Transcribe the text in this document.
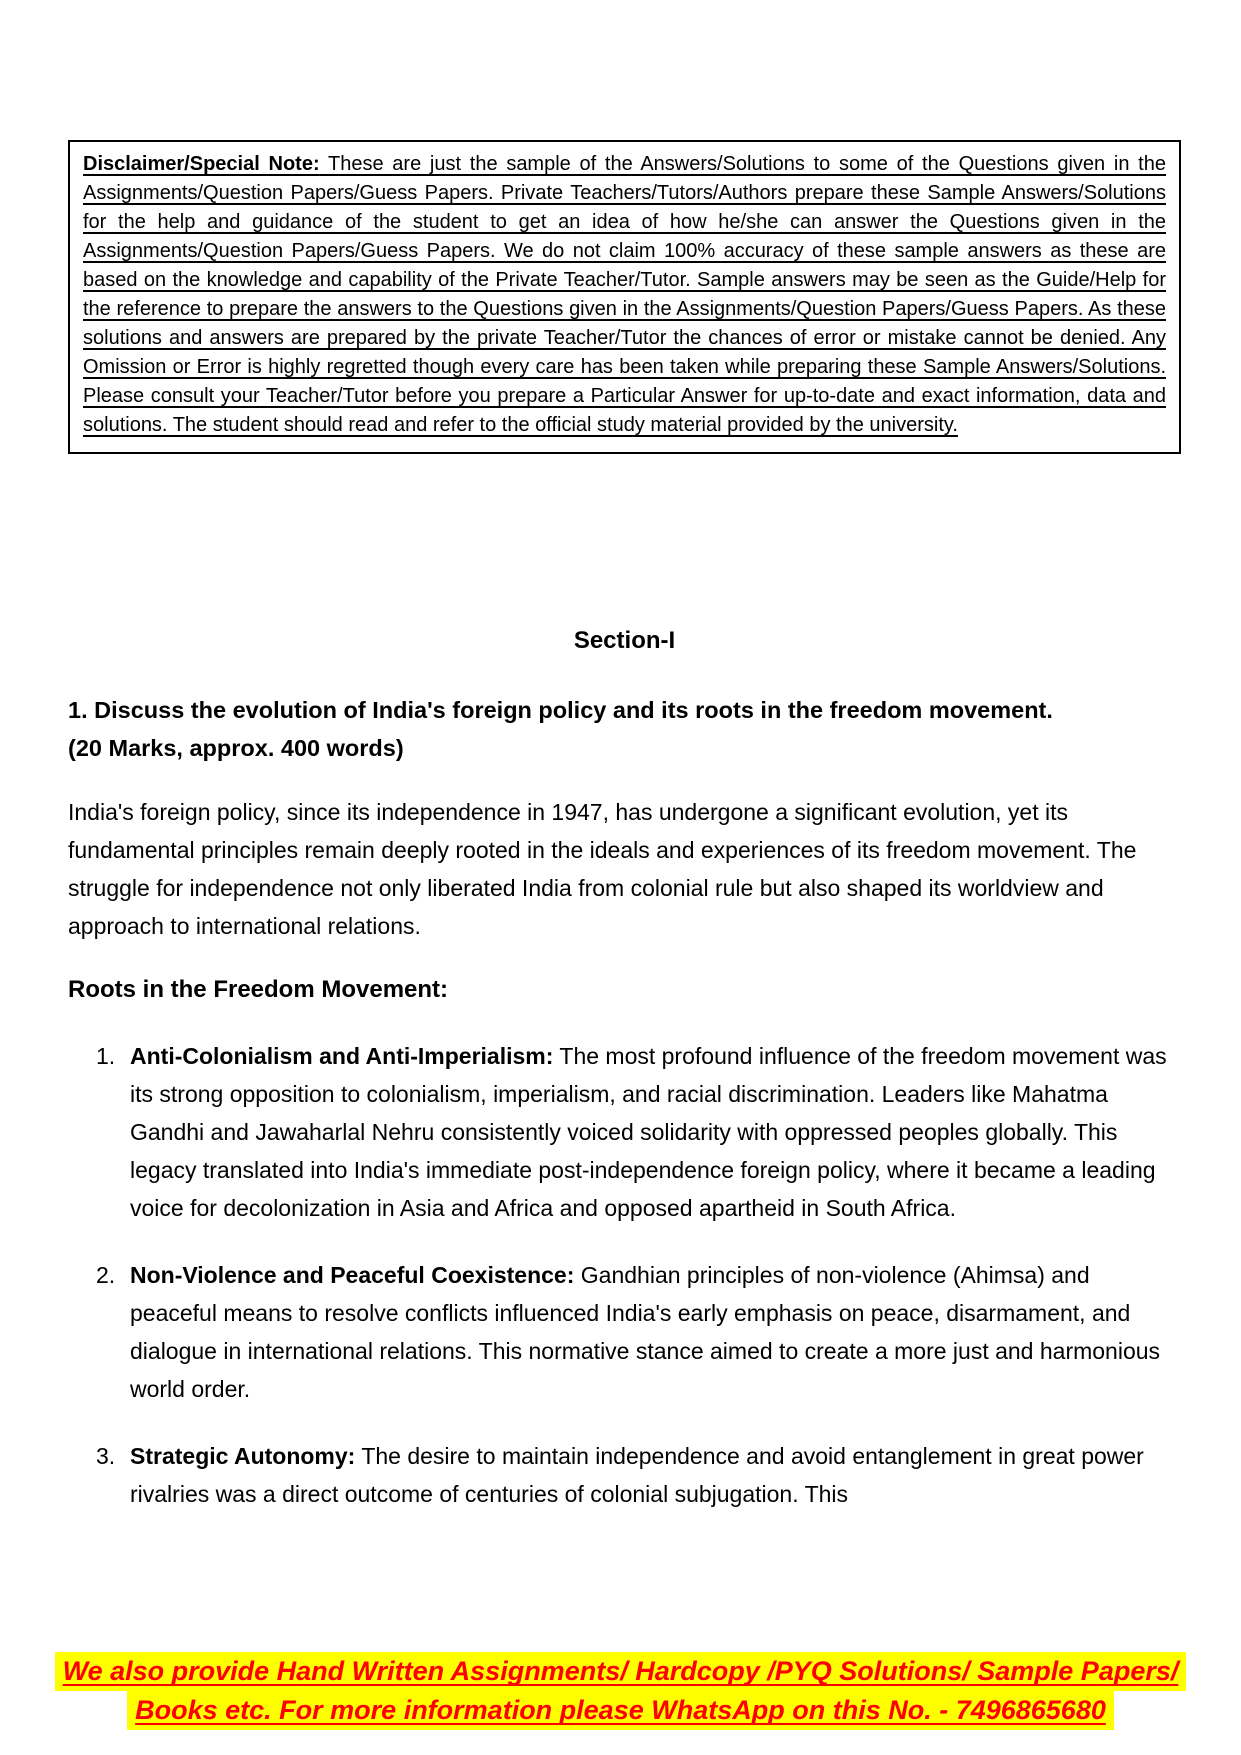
Disclaimer/Special Note: These are just the sample of the Answers/Solutions to some of the Questions given in the Assignments/Question Papers/Guess Papers. Private Teachers/Tutors/Authors prepare these Sample Answers/Solutions for the help and guidance of the student to get an idea of how he/she can answer the Questions given in the Assignments/Question Papers/Guess Papers. We do not claim 100% accuracy of these sample answers as these are based on the knowledge and capability of the Private Teacher/Tutor. Sample answers may be seen as the Guide/Help for the reference to prepare the answers to the Questions given in the Assignments/Question Papers/Guess Papers. As these solutions and answers are prepared by the private Teacher/Tutor the chances of error or mistake cannot be denied. Any Omission or Error is highly regretted though every care has been taken while preparing these Sample Answers/Solutions. Please consult your Teacher/Tutor before you prepare a Particular Answer for up-to-date and exact information, data and solutions. The student should read and refer to the official study material provided by the university.
Section-I
1. Discuss the evolution of India's foreign policy and its roots in the freedom movement.
(20 Marks, approx. 400 words)
India's foreign policy, since its independence in 1947, has undergone a significant evolution, yet its fundamental principles remain deeply rooted in the ideals and experiences of its freedom movement. The struggle for independence not only liberated India from colonial rule but also shaped its worldview and approach to international relations.
Roots in the Freedom Movement:
1. Anti-Colonialism and Anti-Imperialism: The most profound influence of the freedom movement was its strong opposition to colonialism, imperialism, and racial discrimination. Leaders like Mahatma Gandhi and Jawaharlal Nehru consistently voiced solidarity with oppressed peoples globally. This legacy translated into India's immediate post-independence foreign policy, where it became a leading voice for decolonization in Asia and Africa and opposed apartheid in South Africa.
2. Non-Violence and Peaceful Coexistence: Gandhian principles of non-violence (Ahimsa) and peaceful means to resolve conflicts influenced India's early emphasis on peace, disarmament, and dialogue in international relations. This normative stance aimed to create a more just and harmonious world order.
3. Strategic Autonomy: The desire to maintain independence and avoid entanglement in great power rivalries was a direct outcome of centuries of colonial subjugation. This
We also provide Hand Written Assignments/ Hardcopy /PYQ Solutions/ Sample Papers/
Books etc. For more information please WhatsApp on this No. - 7496865680
